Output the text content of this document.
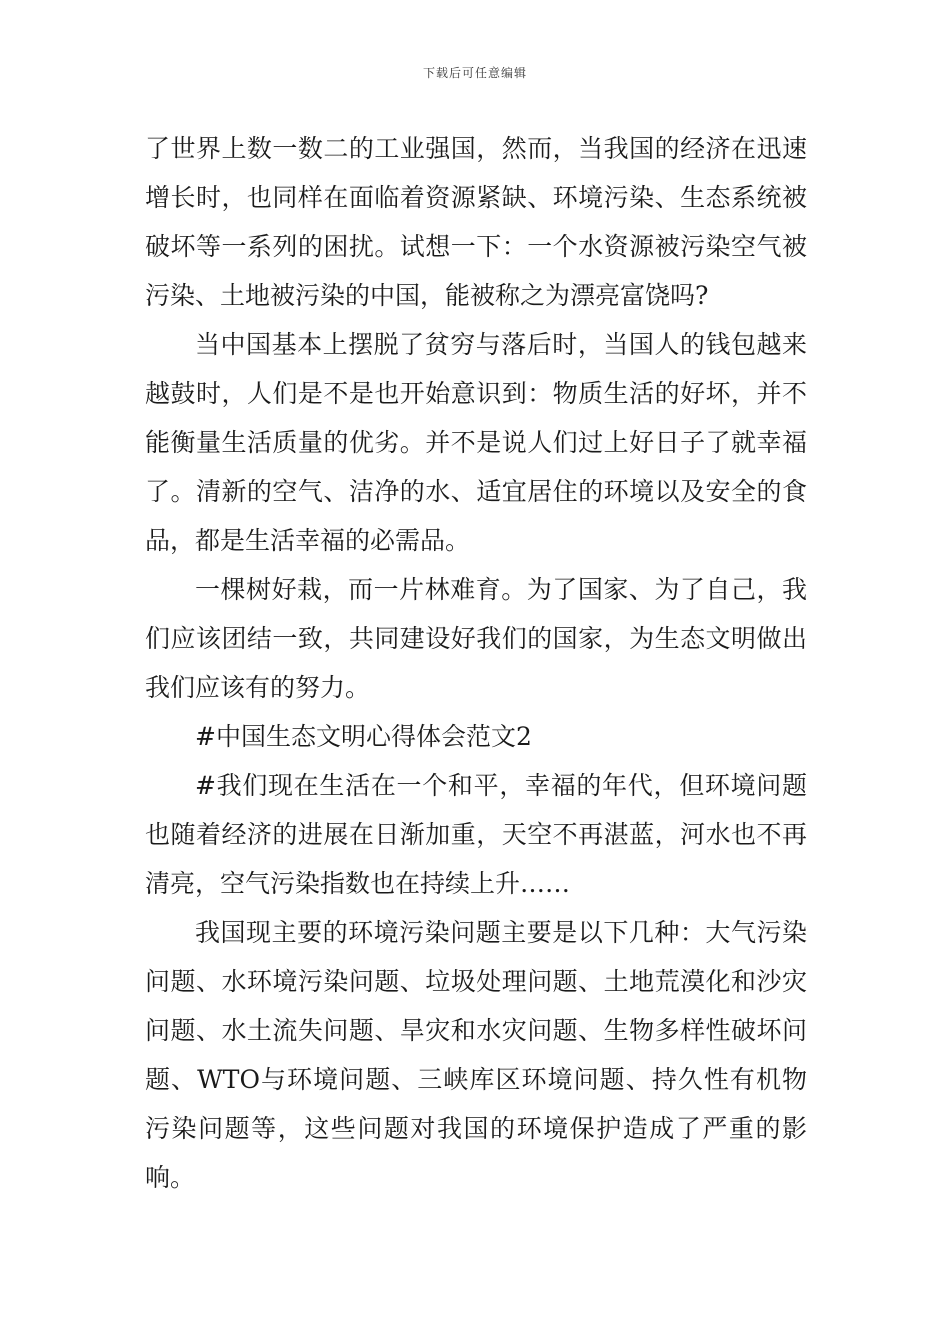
下载后可任意编辑

了世界上数一数二的工业强国，然而，当我国的经济在迅速增长时，也同样在面临着资源紧缺、环境污染、生态系统被破坏等一系列的困扰。试想一下：一个水资源被污染空气被污染、土地被污染的中国，能被称之为漂亮富饶吗?

当中国基本上摆脱了贫穷与落后时，当国人的钱包越来越鼓时，人们是不是也开始意识到：物质生活的好坏，并不能衡量生活质量的优劣。并不是说人们过上好日子了就幸福了。清新的空气、洁净的水、适宜居住的环境以及安全的食品，都是生活幸福的必需品。

一棵树好栽，而一片林难育。为了国家、为了自己，我们应该团结一致，共同建设好我们的国家，为生态文明做出我们应该有的努力。

#中国生态文明心得体会范文2

#我们现在生活在一个和平，幸福的年代，但环境问题也随着经济的进展在日渐加重，天空不再湛蓝，河水也不再清亮，空气污染指数也在持续上升……

我国现主要的环境污染问题主要是以下几种：大气污染问题、水环境污染问题、垃圾处理问题、土地荒漠化和沙灾问题、水土流失问题、旱灾和水灾问题、生物多样性破坏问题、WTO与环境问题、三峡库区环境问题、持久性有机物污染问题等，这些问题对我国的环境保护造成了严重的影响。
